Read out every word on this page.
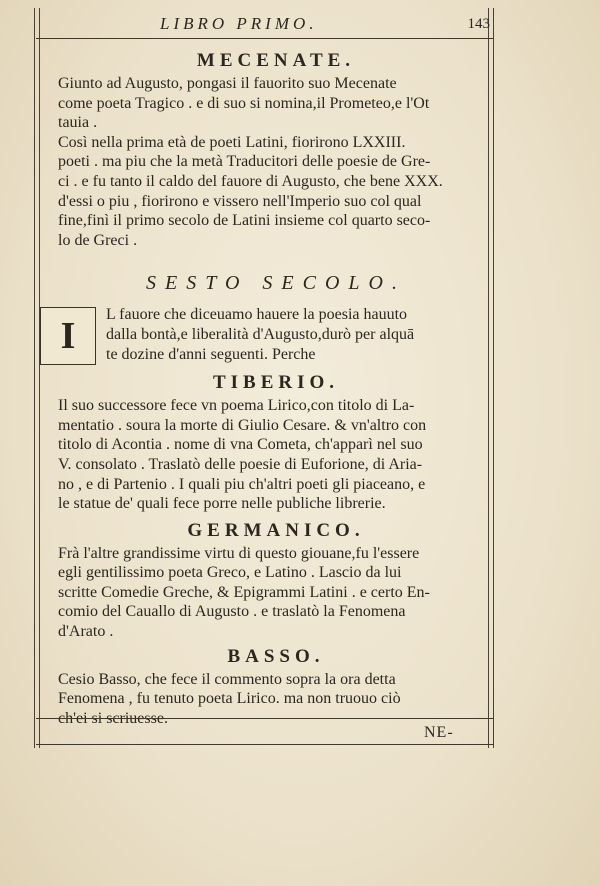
LIBRO PRIMO.	143
MECENATE.
Giunto ad Augusto, pongasi il fauorito suo Mecenate
come poeta Tragico . e di suo si nomina,il Prometeo,e l'Ot
tauia .
Così nella prima età de poeti Latini, fiorirono LXXIII.
poeti . ma piu che la metà Traducitori delle poesie de Gre-
ci . e fu tanto il caldo del fauore di Augusto, che bene XXX.
d'essi o piu , fiorirono e vissero nell'Imperio suo col qual
fine,finì il primo secolo de Latini insieme col quarto seco-
lo de Greci .
SESTO SECOLO.
I
L fauore che diceuamo hauere la poesia hauuto
dalla bontà,e liberalità d'Augusto,durò per alquā
te dozine d'anni seguenti. Perche
TIBERIO.
Il suo successore fece vn poema Lirico,con titolo di La-
mentatio . soura la morte di Giulio Cesare. & vn'altro con
titolo di Acontia . nome di vna Cometa, ch'apparì nel suo
V. consolato . Traslatò delle poesie di Euforione, di Aria-
no , e di Partenio . I quali piu ch'altri poeti gli piaceano, e
le statue de' quali fece porre nelle publiche librerie.
GERMANICO.
Frà l'altre grandissime virtu di questo giouane,fu l'essere
egli gentilissimo poeta Greco, e Latino . Lascio da lui
scritte Comedie Greche, & Epigrammi Latini . e certo En-
comio del Cauallo di Augusto . e traslatò la Fenomena
d'Arato .
BASSO.
Cesio Basso, che fece il commento sopra la ora detta
Fenomena , fu tenuto poeta Lirico. ma non truouo ciò
ch'ei si scriuesse.
NE-
